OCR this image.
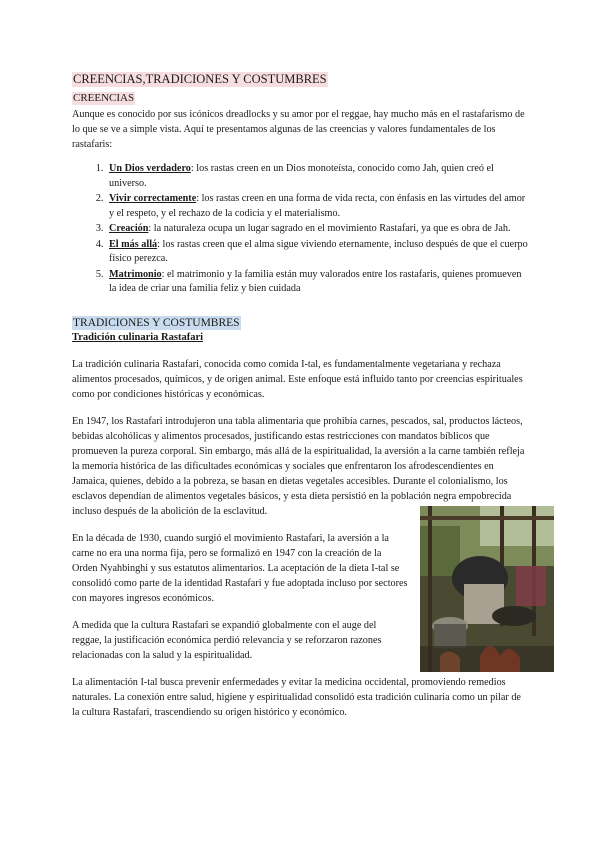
CREENCIAS,TRADICIONES Y COSTUMBRES
CREENCIAS

Aunque es conocido por sus icónicos dreadlocks y su amor por el reggae, hay mucho más en el rastafarismo de lo que se ve a simple vista. Aquí te presentamos algunas de las creencias y valores fundamentales de los rastafaris:

1. Un Dios verdadero: los rastas creen en un Dios monoteísta, conocido como Jah, quien creó el universo.
2. Vivir correctamente: los rastas creen en una forma de vida recta, con énfasis en las virtudes del amor y el respeto, y el rechazo de la codicia y el materialismo.
3. Creación: la naturaleza ocupa un lugar sagrado en el movimiento Rastafari, ya que es obra de Jah.
4. El más allá: los rastas creen que el alma sigue viviendo eternamente, incluso después de que el cuerpo físico perezca.
5. Matrimonio: el matrimonio y la familia están muy valorados entre los rastafaris, quienes promueven la idea de criar una familia feliz y bien cuidada
TRADICIONES Y COSTUMBRES
Tradición culinaria Rastafari

La tradición culinaria Rastafari, conocida como comida I-tal, es fundamentalmente vegetariana y rechaza alimentos procesados, químicos, y de origen animal. Este enfoque está influido tanto por creencias espirituales como por condiciones históricas y económicas.

En 1947, los Rastafari introdujeron una tabla alimentaria que prohibía carnes, pescados, sal, productos lácteos, bebidas alcohólicas y alimentos procesados, justificando estas restricciones con mandatos bíblicos que promueven la pureza corporal. Sin embargo, más allá de la espiritualidad, la aversión a la carne también refleja la memoria histórica de las dificultades económicas y sociales que enfrentaron los afrodescendientes en Jamaica, quienes, debido a la pobreza, se basan en dietas vegetales accesibles. Durante el colonialismo, los esclavos dependían de alimentos vegetales básicos, y esta dieta persistió en la población negra empobrecida incluso después de la abolición de la esclavitud.

En la década de 1930, cuando surgió el movimiento Rastafari, la aversión a la carne no era una norma fija, pero se formalizó en 1947 con la creación de la Orden Nyahbinghi y sus estatutos alimentarios. La aceptación de la dieta I-tal se consolidó como parte de la identidad Rastafari y fue adoptada incluso por sectores con mayores ingresos económicos.

A medida que la cultura Rastafari se expandió globalmente con el auge del reggae, la justificación económica perdió relevancia y se reforzaron razones relacionadas con la salud y la espiritualidad.

La alimentación I-tal busca prevenir enfermedades y evitar la medicina occidental, promoviendo remedios naturales. La conexión entre salud, higiene y espiritualidad consolidó esta tradición culinaria como un pilar de la cultura Rastafari, trascendiendo su origen histórico y económico.
